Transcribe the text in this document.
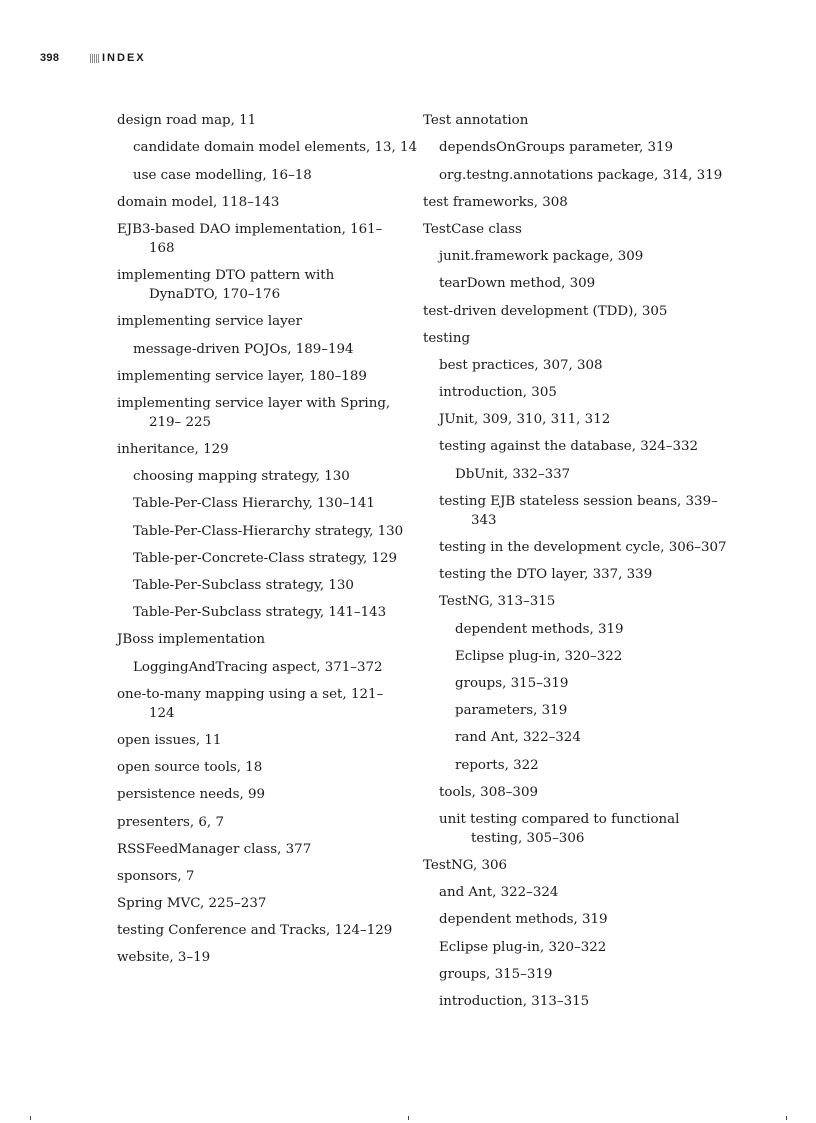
398	INDEX
design road map, 11
candidate domain model elements, 13, 14
use case modelling, 16–18
domain model, 118–143
EJB3-based DAO implementation, 161–168
implementing DTO pattern with DynaDTO, 170–176
implementing service layer
message-driven POJOs, 189–194
implementing service layer, 180–189
implementing service layer with Spring, 219– 225
inheritance, 129
choosing mapping strategy, 130
Table-Per-Class Hierarchy, 130–141
Table-Per-Class-Hierarchy strategy, 130
Table-per-Concrete-Class strategy, 129
Table-Per-Subclass strategy, 130
Table-Per-Subclass strategy, 141–143
JBoss implementation
LoggingAndTracing aspect, 371–372
one-to-many mapping using a set, 121–124
open issues, 11
open source tools, 18
persistence needs, 99
presenters, 6, 7
RSSFeedManager class, 377
sponsors, 7
Spring MVC, 225–237
testing Conference and Tracks, 124–129
website, 3–19
Test annotation
dependsOnGroups parameter, 319
org.testng.annotations package, 314, 319
test frameworks, 308
TestCase class
junit.framework package, 309
tearDown method, 309
test-driven development (TDD), 305
testing
best practices, 307, 308
introduction, 305
JUnit, 309, 310, 311, 312
testing against the database, 324–332
DbUnit, 332–337
testing EJB stateless session beans, 339–343
testing in the development cycle, 306–307
testing the DTO layer, 337, 339
TestNG, 313–315
dependent methods, 319
Eclipse plug-in, 320–322
groups, 315–319
parameters, 319
rand Ant, 322–324
reports, 322
tools, 308–309
unit testing compared to functional testing, 305–306
TestNG, 306
and Ant, 322–324
dependent methods, 319
Eclipse plug-in, 320–322
groups, 315–319
introduction, 313–315
